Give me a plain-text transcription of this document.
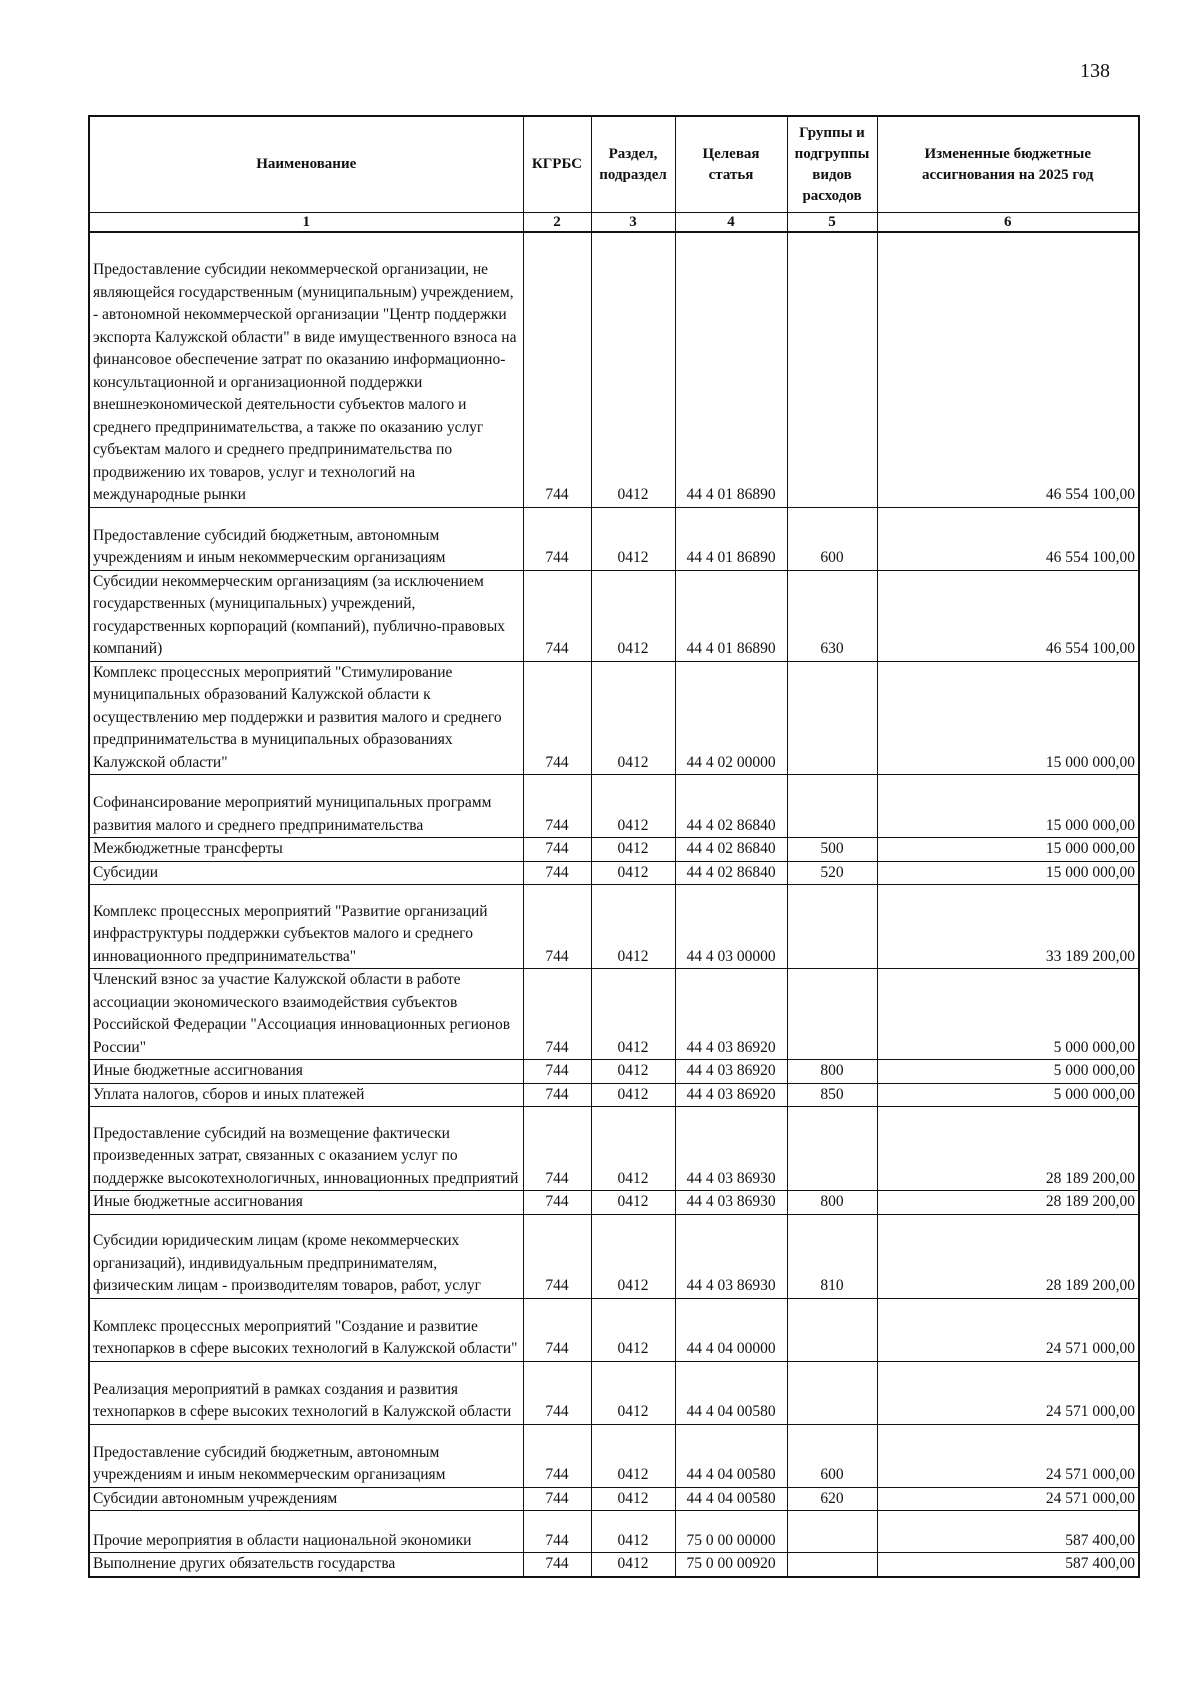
138
Наименование	КГРБС	Раздел, подраздел	Целевая статья	Группы и подгруппы видов расходов	Измененные бюджетные ассигнования на 2025 год
1	2	3	4	5	6
Предоставление субсидии некоммерческой организации, не являющейся государственным (муниципальным) учреждением, - автономной некоммерческой организации "Центр поддержки экспорта Калужской области" в виде имущественного взноса на финансовое обеспечение затрат по оказанию информационно-консультационной и организационной поддержки внешнеэкономической деятельности субъектов малого и среднего предпринимательства, а также по оказанию услуг субъектам малого и среднего предпринимательства по продвижению их товаров, услуг и технологий на международные рынки	744	0412	44 4 01 86890		46 554 100,00
Предоставление субсидий бюджетным, автономным учреждениям и иным некоммерческим организациям	744	0412	44 4 01 86890	600	46 554 100,00
Субсидии некоммерческим организациям (за исключением государственных (муниципальных) учреждений, государственных корпораций (компаний), публично-правовых компаний)	744	0412	44 4 01 86890	630	46 554 100,00
Комплекс процессных мероприятий "Стимулирование муниципальных образований Калужской области к осуществлению мер поддержки и развития малого и среднего предпринимательства в муниципальных образованиях Калужской области"	744	0412	44 4 02 00000		15 000 000,00
Софинансирование мероприятий муниципальных программ развития малого и среднего предпринимательства	744	0412	44 4 02 86840		15 000 000,00
Межбюджетные трансферты	744	0412	44 4 02 86840	500	15 000 000,00
Субсидии	744	0412	44 4 02 86840	520	15 000 000,00
Комплекс процессных мероприятий "Развитие организаций инфраструктуры поддержки субъектов малого и среднего инновационного предпринимательства"	744	0412	44 4 03 00000		33 189 200,00
Членский взнос за участие Калужской области в работе ассоциации экономического взаимодействия субъектов Российской Федерации "Ассоциация инновационных регионов России"	744	0412	44 4 03 86920		5 000 000,00
Иные бюджетные ассигнования	744	0412	44 4 03 86920	800	5 000 000,00
Уплата налогов, сборов и иных платежей	744	0412	44 4 03 86920	850	5 000 000,00
Предоставление субсидий на возмещение фактически произведенных затрат, связанных с оказанием услуг по поддержке высокотехнологичных, инновационных предприятий	744	0412	44 4 03 86930		28 189 200,00
Иные бюджетные ассигнования	744	0412	44 4 03 86930	800	28 189 200,00
Субсидии юридическим лицам (кроме некоммерческих организаций), индивидуальным предпринимателям, физическим лицам - производителям товаров, работ, услуг	744	0412	44 4 03 86930	810	28 189 200,00
Комплекс процессных мероприятий "Создание и развитие технопарков в сфере высоких технологий в Калужской области"	744	0412	44 4 04 00000		24 571 000,00
Реализация мероприятий в рамках создания и развития технопарков в сфере высоких технологий в Калужской области	744	0412	44 4 04 00580		24 571 000,00
Предоставление субсидий бюджетным, автономным учреждениям и иным некоммерческим организациям	744	0412	44 4 04 00580	600	24 571 000,00
Субсидии автономным учреждениям	744	0412	44 4 04 00580	620	24 571 000,00
Прочие мероприятия в области национальной экономики	744	0412	75 0 00 00000		587 400,00
Выполнение других обязательств государства	744	0412	75 0 00 00920		587 400,00
